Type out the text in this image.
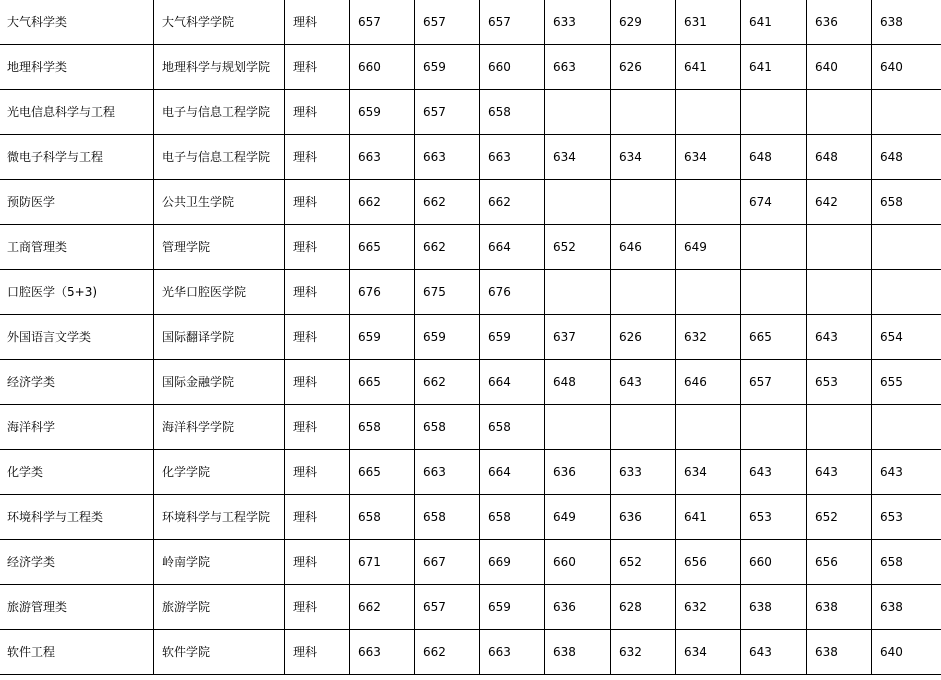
大气科学类	大气科学学院	理科	657	657	657	633	629	631	641	636	638
地理科学类	地理科学与规划学院	理科	660	659	660	663	626	641	641	640	640
光电信息科学与工程	电子与信息工程学院	理科	659	657	658						
微电子科学与工程	电子与信息工程学院	理科	663	663	663	634	634	634	648	648	648
预防医学	公共卫生学院	理科	662	662	662				674	642	658
工商管理类	管理学院	理科	665	662	664	652	646	649			
口腔医学（5+3)	光华口腔医学院	理科	676	675	676						
外国语言文学类	国际翻译学院	理科	659	659	659	637	626	632	665	643	654
经济学类	国际金融学院	理科	665	662	664	648	643	646	657	653	655
海洋科学	海洋科学学院	理科	658	658	658						
化学类	化学学院	理科	665	663	664	636	633	634	643	643	643
环境科学与工程类	环境科学与工程学院	理科	658	658	658	649	636	641	653	652	653
经济学类	岭南学院	理科	671	667	669	660	652	656	660	656	658
旅游管理类	旅游学院	理科	662	657	659	636	628	632	638	638	638
软件工程	软件学院	理科	663	662	663	638	632	634	643	638	640
